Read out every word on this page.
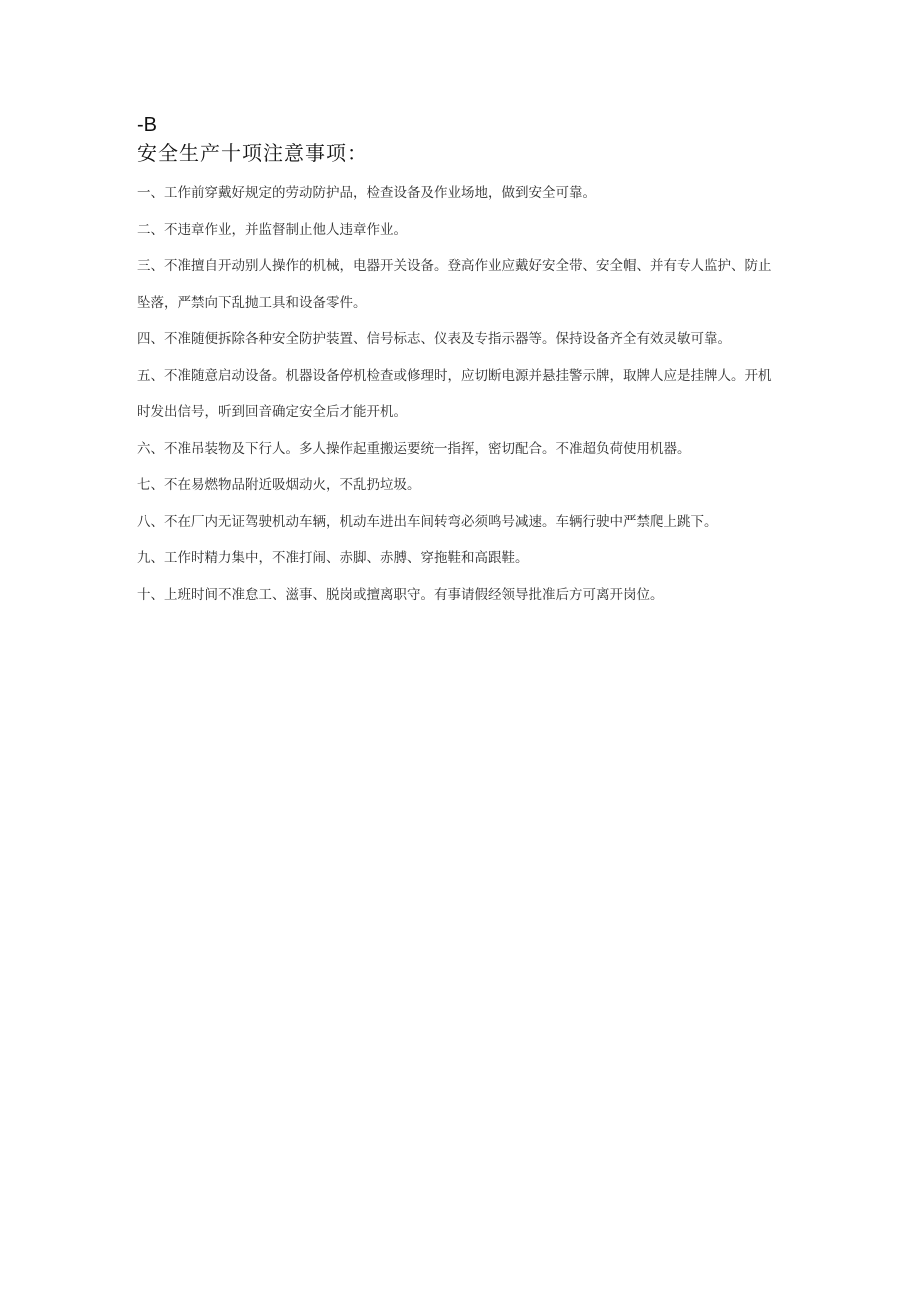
-B
安全生产十项注意事项：
一、工作前穿戴好规定的劳动防护品，检查设备及作业场地，做到安全可靠。
二、不违章作业，并监督制止他人违章作业。
三、不准擅自开动别人操作的机械，电器开关设备。登高作业应戴好安全带、安全帽、并有专人监护、防止坠落，严禁向下乱抛工具和设备零件。
四、不准随便拆除各种安全防护装置、信号标志、仪表及专指示器等。保持设备齐全有效灵敏可靠。
五、不准随意启动设备。机器设备停机检查或修理时，应切断电源并悬挂警示牌，取牌人应是挂牌人。开机时发出信号，听到回音确定安全后才能开机。
六、不准吊装物及下行人。多人操作起重搬运要统一指挥，密切配合。不准超负荷使用机器。
七、不在易燃物品附近吸烟动火，不乱扔垃圾。
八、不在厂内无证驾驶机动车辆，机动车进出车间转弯必须鸣号减速。车辆行驶中严禁爬上跳下。
九、工作时精力集中，不准打闹、赤脚、赤膊、穿拖鞋和高跟鞋。
十、上班时间不准怠工、滋事、脱岗或擅离职守。有事请假经领导批准后方可离开岗位。
